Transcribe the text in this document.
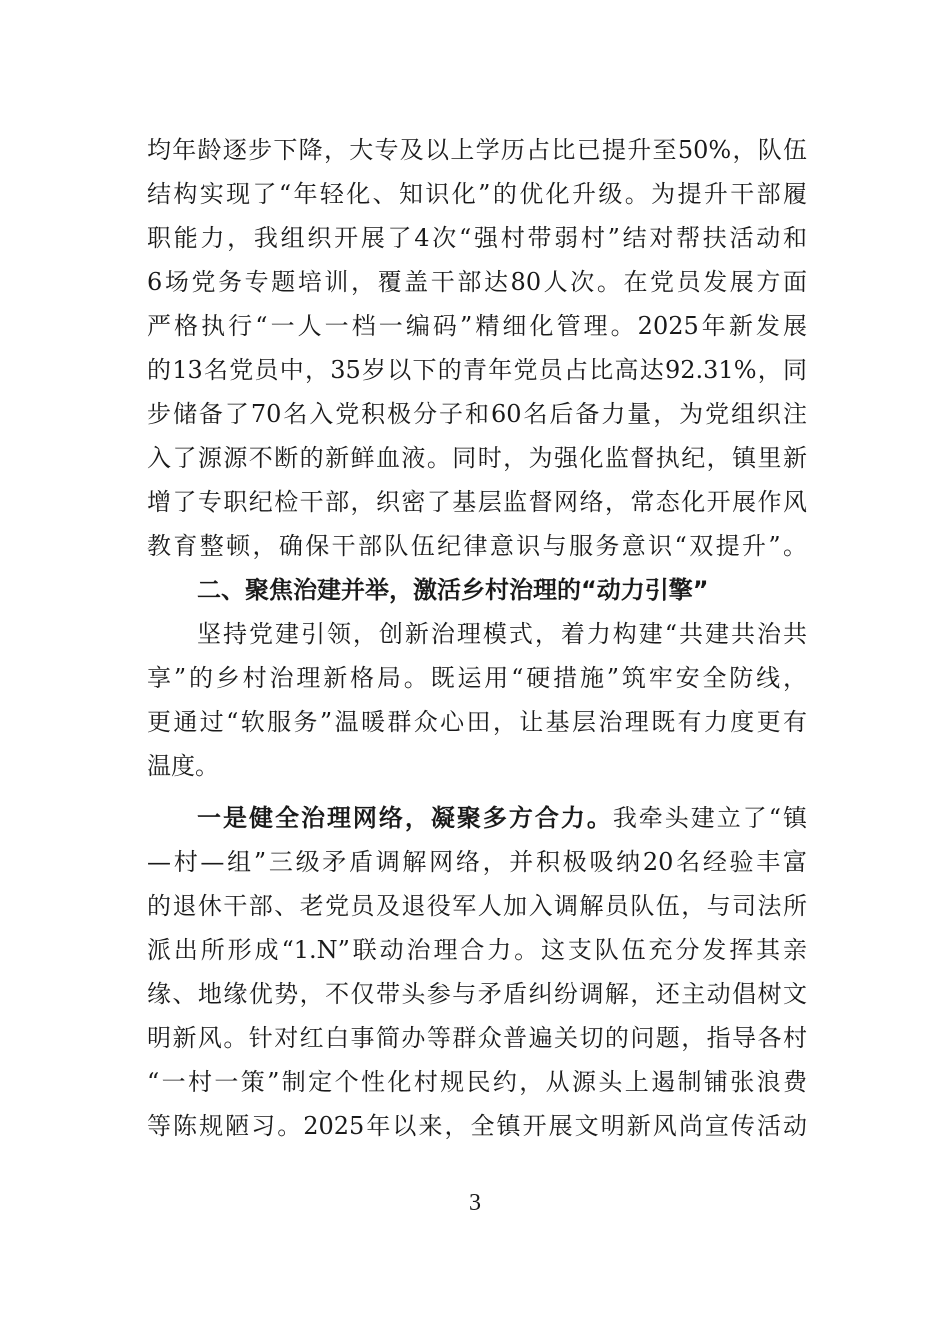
均年龄逐步下降，大专及以上学历占比已提升至50%，队伍
结构实现了“年轻化、知识化”的优化升级。为提升干部履
职能力，我组织开展了4次“强村带弱村”结对帮扶活动和
6场党务专题培训，覆盖干部达80人次。在党员发展方面
严格执行“一人一档一编码”精细化管理。2025年新发展
的13名党员中，35岁以下的青年党员占比高达92.31%，同
步储备了70名入党积极分子和60名后备力量，为党组织注
入了源源不断的新鲜血液。同时，为强化监督执纪，镇里新
增了专职纪检干部，织密了基层监督网络，常态化开展作风
教育整顿，确保干部队伍纪律意识与服务意识“双提升”。
二、聚焦治建并举，激活乡村治理的“动力引擎”
坚持党建引领，创新治理模式，着力构建“共建共治共
享”的乡村治理新格局。既运用“硬措施”筑牢安全防线，
更通过“软服务”温暖群众心田，让基层治理既有力度更有
温度。
一是健全治理网络，凝聚多方合力。我牵头建立了“镇
—村—组”三级矛盾调解网络，并积极吸纳20名经验丰富
的退休干部、老党员及退役军人加入调解员队伍，与司法所
派出所形成“1.N”联动治理合力。这支队伍充分发挥其亲
缘、地缘优势，不仅带头参与矛盾纠纷调解，还主动倡树文
明新风。针对红白事简办等群众普遍关切的问题，指导各村
“一村一策”制定个性化村规民约，从源头上遏制铺张浪费
等陈规陋习。2025年以来，全镇开展文明新风尚宣传活动
3
